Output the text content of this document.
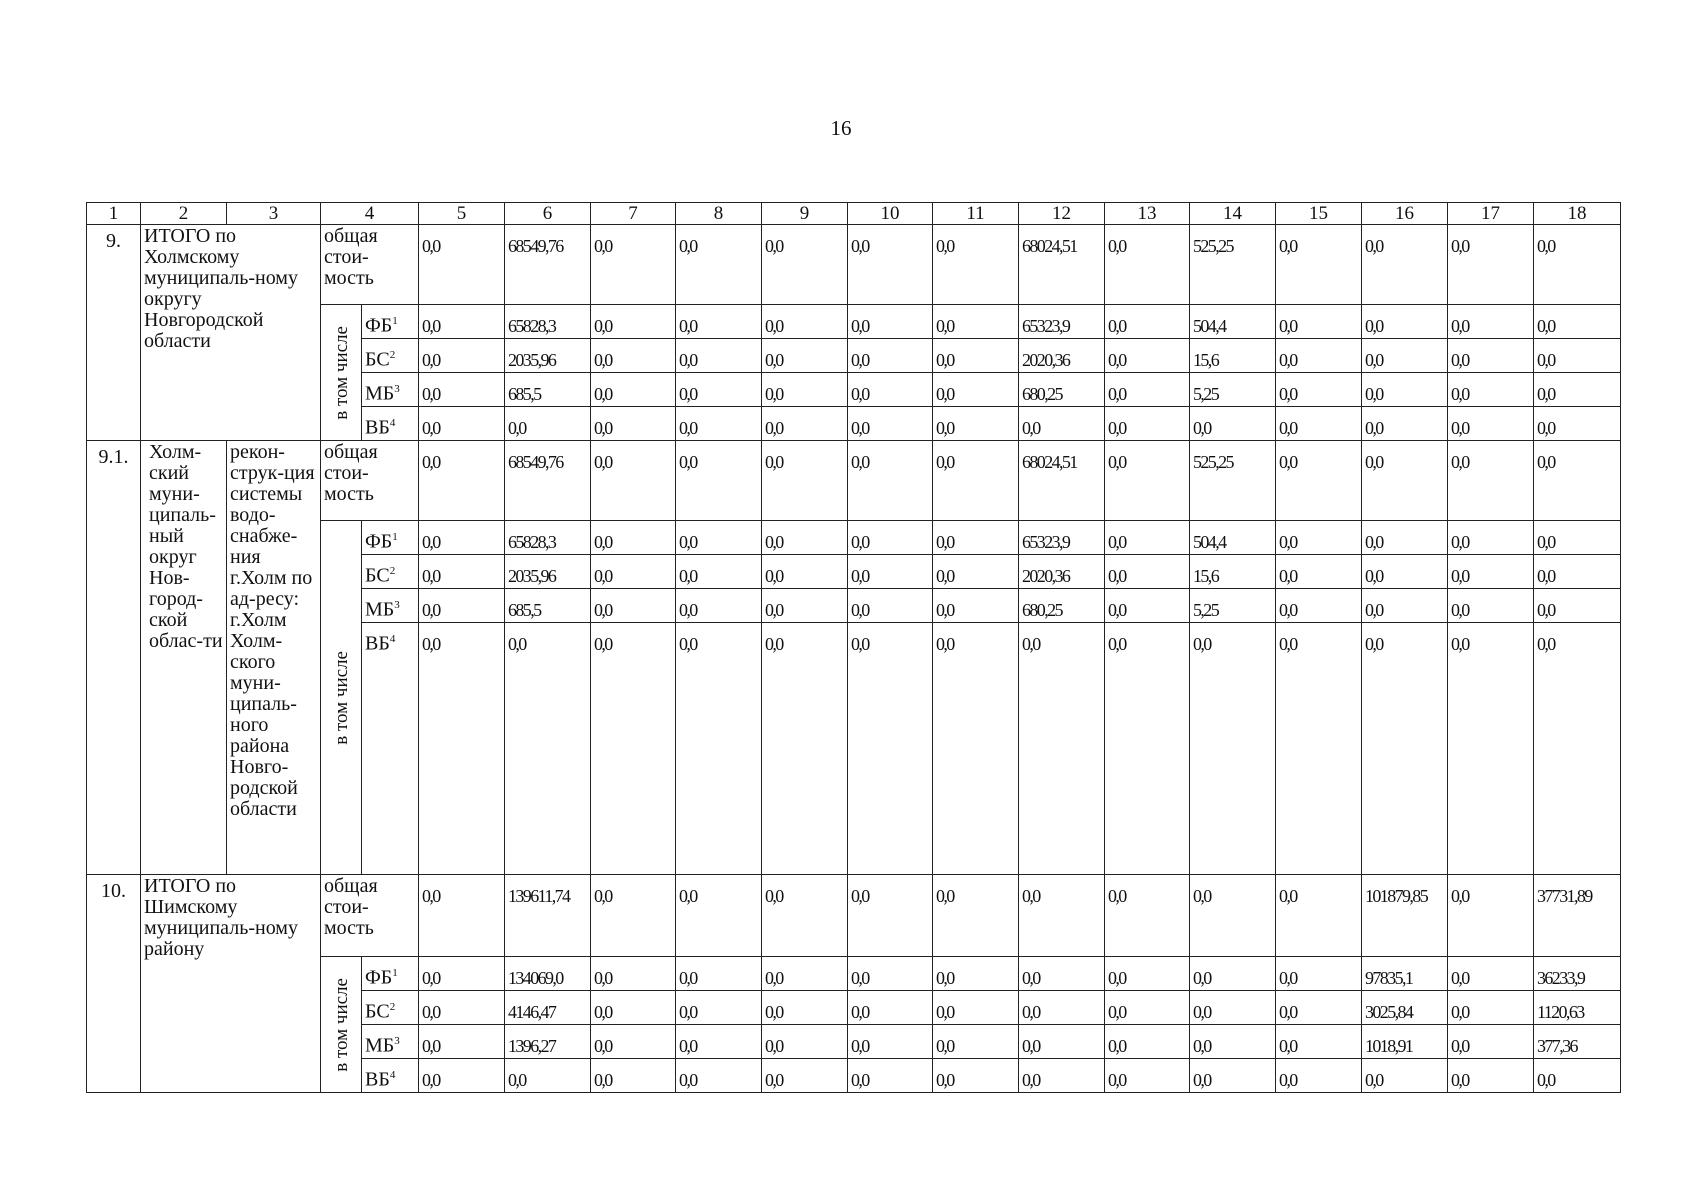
16
1	2	3	4		5	6	7	8	9	10	11	12	13	14	15	16	17	18
9.	ИТОГО по Холмскому муниципаль-ному округу Новгородской области		общая стои-мость		0,0	68549,76	0,0	0,0	0,0	0,0	0,0	68024,51	0,0	525,25	0,0	0,0	0,0	0,0

			в том числе	$ФБ^1$	0,0	65828,3	0,0	0,0	0,0	0,0	0,0	65323,9	0,0	504,4	0,0	0,0	0,0	0,0
				$БС^2$	0,0	2035,96	0,0	0,0	0,0	0,0	0,0	2020,36	0,0	15,6	0,0	0,0	0,0	0,0
				$МБ^3$	0,0	685,5	0,0	0,0	0,0	0,0	0,0	680,25	0,0	5,25	0,0	0,0	0,0	0,0
				$ВБ^4$	0,0	0,0	0,0	0,0	0,0	0,0	0,0	0,0	0,0	0,0	0,0	0,0	0,0	0,0
9.1.	Холм-ский муни-ципаль-ный округ Нов-город-ской облас-ти	рекон-струк-ция системы водо-снабже-ния г.Холм по ад-ресу: г.Холм Холм-ского муни-ципаль-ного района Новго-родской области	общая стои-мость		0,0	68549,76	0,0	0,0	0,0	0,0	0,0	68024,51	0,0	525,25	0,0	0,0	0,0	0,0

			в том числе	$ФБ^1$	0,0	65828,3	0,0	0,0	0,0	0,0	0,0	65323,9	0,0	504,4	0,0	0,0	0,0	0,0
				$БС^2$	0,0	2035,96	0,0	0,0	0,0	0,0	0,0	2020,36	0,0	15,6	0,0	0,0	0,0	0,0
				$МБ^3$	0,0	685,5	0,0	0,0	0,0	0,0	0,0	680,25	0,0	5,25	0,0	0,0	0,0	0,0
				$ВБ^4$	0,0	0,0	0,0	0,0	0,0	0,0	0,0	0,0	0,0	0,0	0,0	0,0	0,0	0,0
10.	ИТОГО по Шимскому муниципаль-ному району		общая стои-мость		0,0	139611,74	0,0	0,0	0,0	0,0	0,0	0,0	0,0	0,0	0,0	101879,85	0,0	37731,89

			в том числе	$ФБ^1$	0,0	134069,0	0,0	0,0	0,0	0,0	0,0	0,0	0,0	0,0	0,0	97835,1	0,0	36233,9
				$БС^2$	0,0	4146,47	0,0	0,0	0,0	0,0	0,0	0,0	0,0	0,0	0,0	3025,84	0,0	1120,63
				$МБ^3$	0,0	1396,27	0,0	0,0	0,0	0,0	0,0	0,0	0,0	0,0	0,0	1018,91	0,0	377,36
				$ВБ^4$	0,0	0,0	0,0	0,0	0,0	0,0	0,0	0,0	0,0	0,0	0,0	0,0	0,0	0,0
